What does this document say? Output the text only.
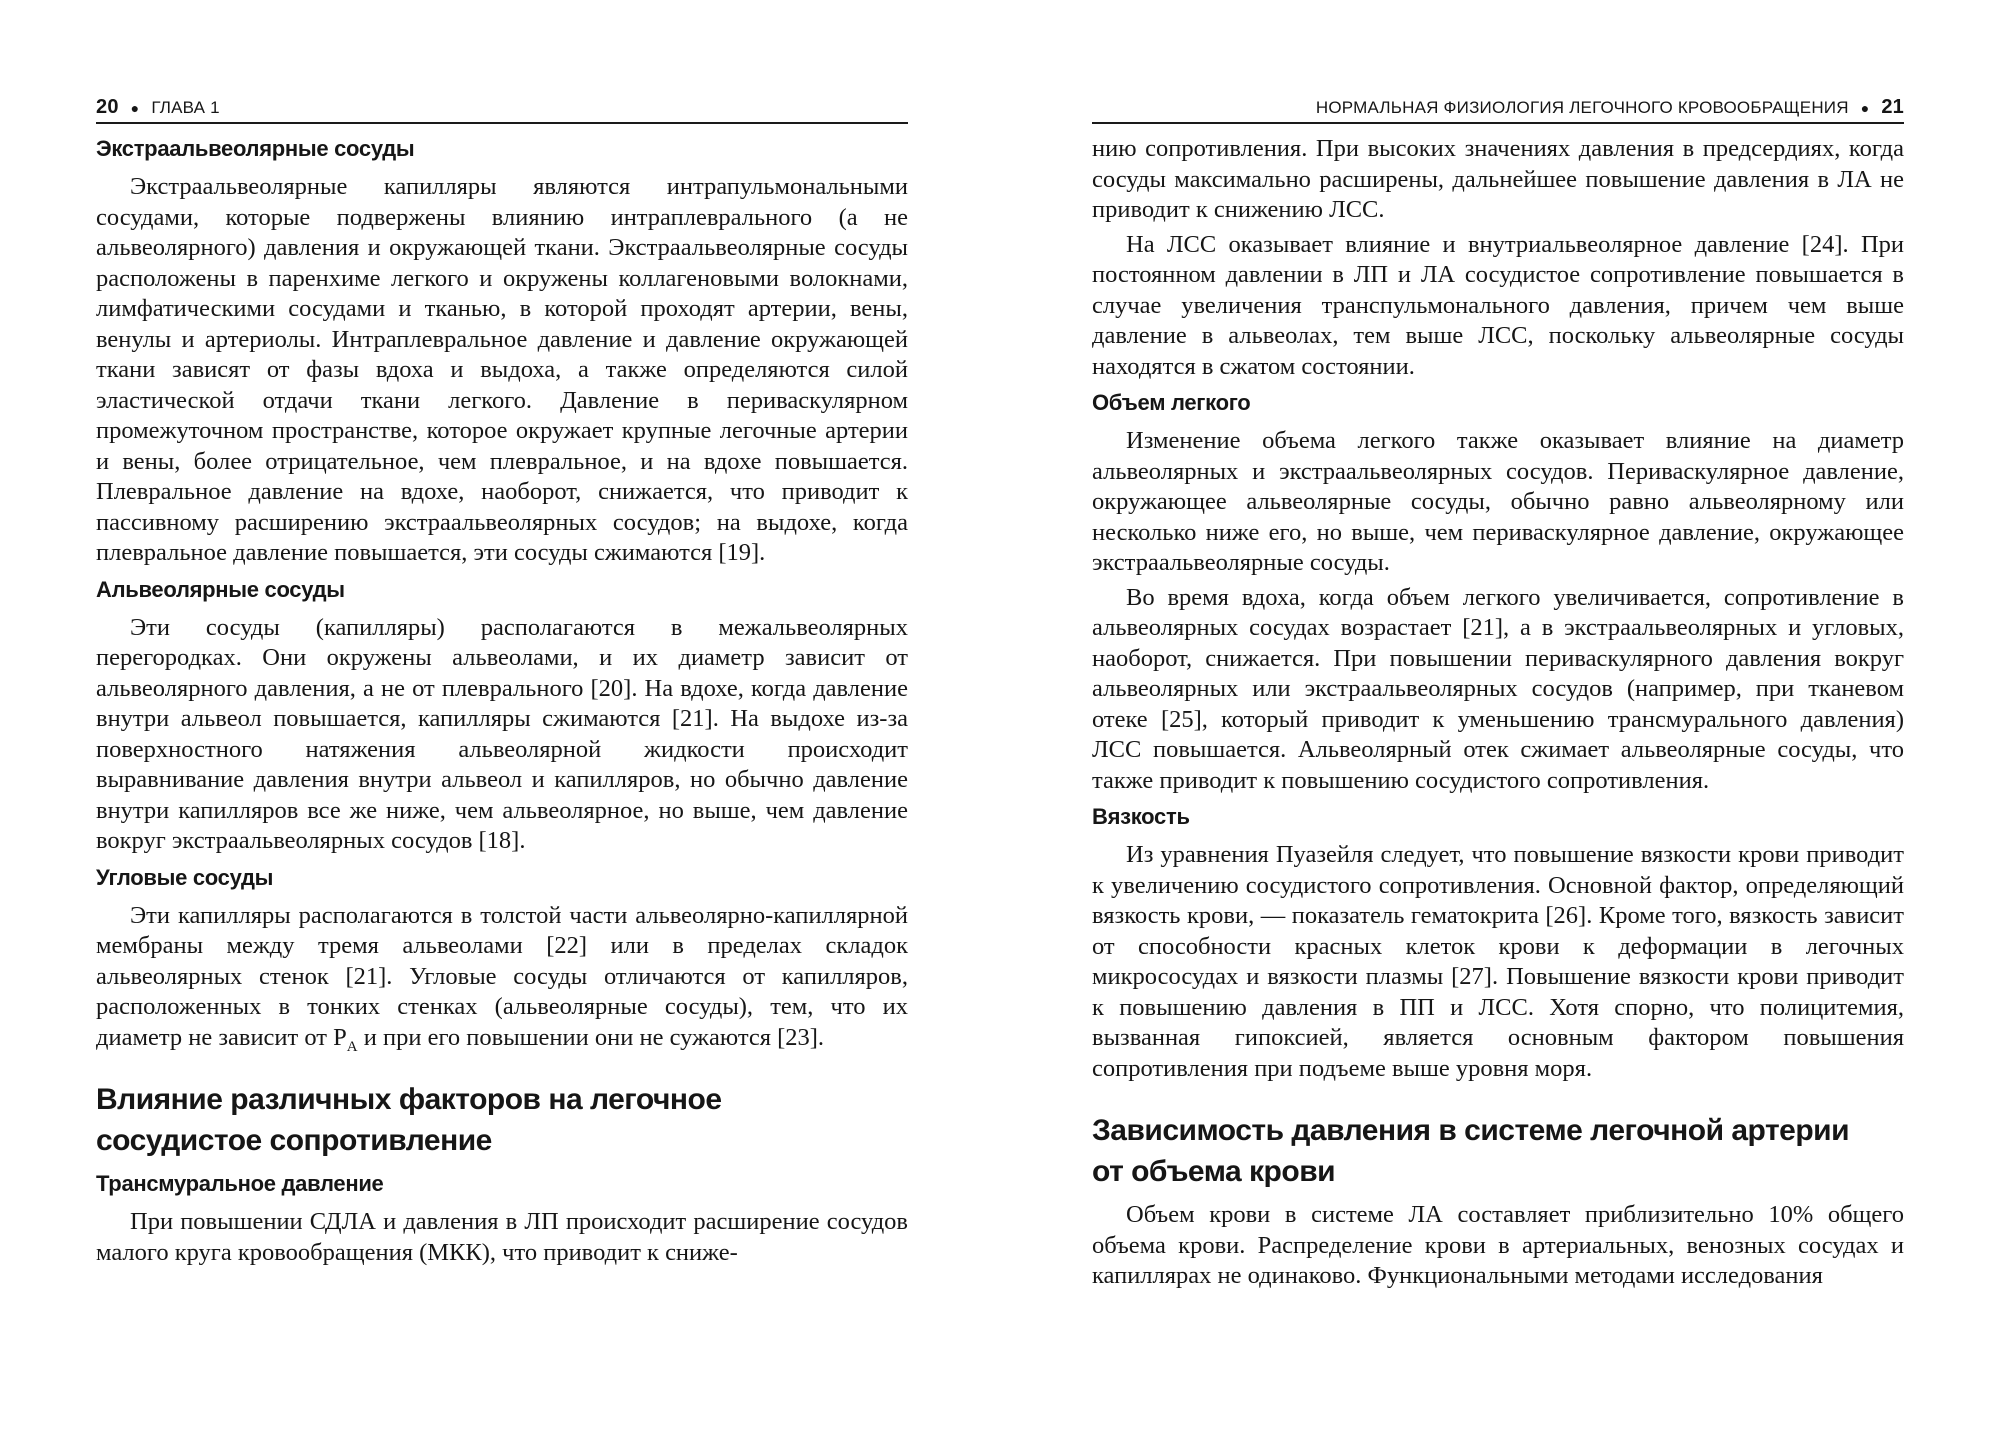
20 ● ГЛАВА 1
Экстраальвеолярные сосуды

Экстраальвеолярные капилляры являются интрапульмональными сосудами, которые подвержены влиянию интраплеврального (а не альвеолярного) давления и окружающей ткани. Экстраальвеолярные сосуды расположены в паренхиме легкого и окружены коллагеновыми волокнами, лимфатическими сосудами и тканью, в которой проходят артерии, вены, венулы и артериолы. Интраплевральное давление и давление окружающей ткани зависят от фазы вдоха и выдоха, а также определяются силой эластической отдачи ткани легкого. Давление в периваскулярном промежуточном пространстве, которое окружает крупные легочные артерии и вены, более отрицательное, чем плевральное, и на вдохе повышается. Плевральное давление на вдохе, наоборот, снижается, что приводит к пассивному расширению экстраальвеолярных сосудов; на выдохе, когда плевральное давление повышается, эти сосуды сжимаются [19].

Альвеолярные сосуды

Эти сосуды (капилляры) располагаются в межальвеолярных перегородках. Они окружены альвеолами, и их диаметр зависит от альвеолярного давления, а не от плеврального [20]. На вдохе, когда давление внутри альвеол повышается, капилляры сжимаются [21]. На выдохе из-за поверхностного натяжения альвеолярной жидкости происходит выравнивание давления внутри альвеол и капилляров, но обычно давление внутри капилляров все же ниже, чем альвеолярное, но выше, чем давление вокруг экстраальвеолярных сосудов [18].

Угловые сосуды

Эти капилляры располагаются в толстой части альвеолярно-капиллярной мембраны между тремя альвеолами [22] или в пределах складок альвеолярных стенок [21]. Угловые сосуды отличаются от капилляров, расположенных в тонких стенках (альвеолярные сосуды), тем, что их диаметр не зависит от $P_A$ и при его повышении они не сужаются [23].

Влияние различных факторов на легочное
сосудистое сопротивление
Трансмуральное давление

При повышении СДЛА и давления в ЛП происходит расширение сосудов малого круга кровообращения (МКК), что приводит к сниже-

НОРМАЛЬНАЯ ФИЗИОЛОГИЯ ЛЕГОЧНОГО КРОВООБРАЩЕНИЯ ● 21

нию сопротивления. При высоких значениях давления в предсердиях, когда сосуды максимально расширены, дальнейшее повышение давления в ЛА не приводит к снижению ЛСС.

На ЛСС оказывает влияние и внутриальвеолярное давление [24]. При постоянном давлении в ЛП и ЛА сосудистое сопротивление повышается в случае увеличения транспульмонального давления, причем чем выше давление в альвеолах, тем выше ЛСС, поскольку альвеолярные сосуды находятся в сжатом состоянии.

Объем легкого

Изменение объема легкого также оказывает влияние на диаметр альвеолярных и экстраальвеолярных сосудов. Периваскулярное давление, окружающее альвеолярные сосуды, обычно равно альвеолярному или несколько ниже его, но выше, чем периваскулярное давление, окружающее экстраальвеолярные сосуды.

Во время вдоха, когда объем легкого увеличивается, сопротивление в альвеолярных сосудах возрастает [21], а в экстраальвеолярных и угловых, наоборот, снижается. При повышении периваскулярного давления вокруг альвеолярных или экстраальвеолярных сосудов (например, при тканевом отеке [25], который приводит к уменьшению трансмурального давления) ЛСС повышается. Альвеолярный отек сжимает альвеолярные сосуды, что также приводит к повышению сосудистого сопротивления.

Вязкость

Из уравнения Пуазейля следует, что повышение вязкости крови приводит к увеличению сосудистого сопротивления. Основной фактор, определяющий вязкость крови, — показатель гематокрита [26]. Кроме того, вязкость зависит от способности красных клеток крови к деформации в легочных микрососудах и вязкости плазмы [27]. Повышение вязкости крови приводит к повышению давления в ПП и ЛСС. Хотя спорно, что полицитемия, вызванная гипоксией, является основным фактором повышения сопротивления при подъеме выше уровня моря.

Зависимость давления в системе легочной артерии
от объема крови

Объем крови в системе ЛА составляет приблизительно 10% общего объема крови. Распределение крови в артериальных, венозных сосудах и капиллярах не одинаково. Функциональными методами исследования
